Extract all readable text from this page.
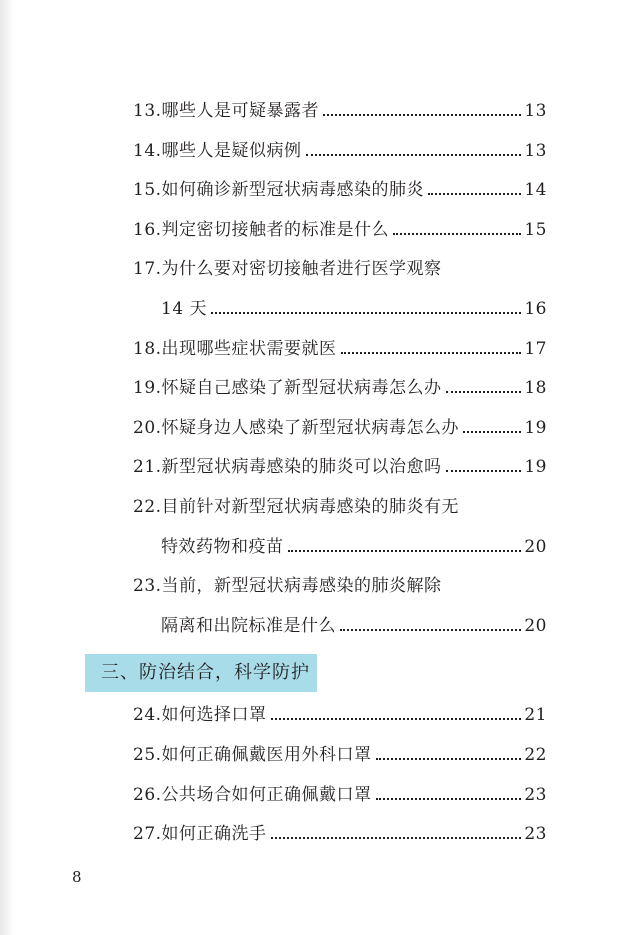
13. 哪些人是可疑暴露者	13
14. 哪些人是疑似病例	13
15. 如何确诊新型冠状病毒感染的肺炎	14
16. 判定密切接触者的标准是什么	15
17. 为什么要对密切接触者进行医学观察
14 天	16
18. 出现哪些症状需要就医	17
19. 怀疑自己感染了新型冠状病毒怎么办	18
20. 怀疑身边人感染了新型冠状病毒怎么办	19
21. 新型冠状病毒感染的肺炎可以治愈吗	19
22. 目前针对新型冠状病毒感染的肺炎有无
特效药物和疫苗	20
23. 当前，新型冠状病毒感染的肺炎解除
隔离和出院标准是什么	20
三、防治结合，科学防护
24. 如何选择口罩	21
25. 如何正确佩戴医用外科口罩	22
26. 公共场合如何正确佩戴口罩	23
27. 如何正确洗手	23
8
